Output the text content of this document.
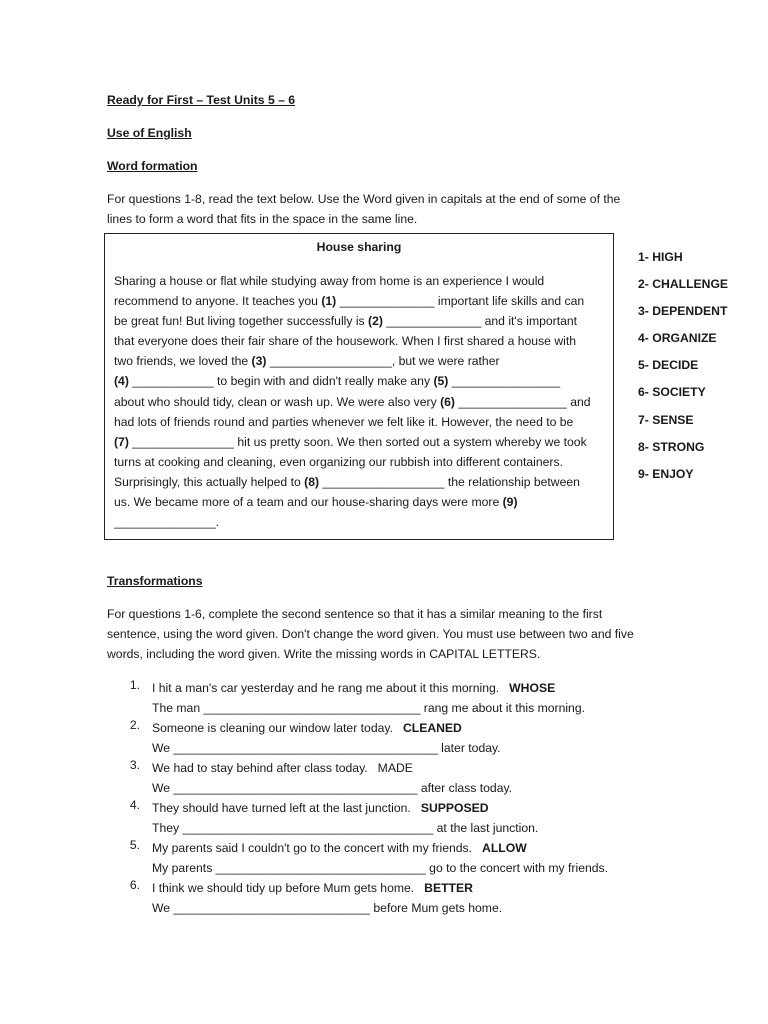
Ready for First – Test Units 5 – 6
Use of English
Word formation
For questions 1-8, read the text below. Use the Word given in capitals at the end of some of the
lines to form a word that fits in the space in the same line.
House sharing
Sharing a house or flat while studying away from home is an experience I would
recommend to anyone. It teaches you (1) ______________ important life skills and can
be great fun! But living together successfully is (2) ______________ and it's important
that everyone does their fair share of the housework. When I first shared a house with
two friends, we loved the (3) __________________, but we were rather
(4) ____________ to begin with and didn't really make any (5) ________________
about who should tidy, clean or wash up. We were also very (6) ________________ and
had lots of friends round and parties whenever we felt like it. However, the need to be
(7) _______________ hit us pretty soon. We then sorted out a system whereby we took
turns at cooking and cleaning, even organizing our rubbish into different containers.
Surprisingly, this actually helped to (8) __________________ the relationship between
us. We became more of a team and our house-sharing days were more (9)
_______________.
1- HIGH
2- CHALLENGE
3- DEPENDENT
4- ORGANIZE
5- DECIDE
6- SOCIETY
7- SENSE
8- STRONG
9- ENJOY
Transformations
For questions 1-6, complete the second sentence so that it has a similar meaning to the first
sentence, using the word given. Don't change the word given. You must use between two and five
words, including the word given. Write the missing words in CAPITAL LETTERS.
1. I hit a man's car yesterday and he rang me about it this morning. WHOSE
The man ________________________________ rang me about it this morning.
2. Someone is cleaning our window later today. CLEANED
We _______________________________________ later today.
3. We had to stay behind after class today. MADE
We ____________________________________ after class today.
4. They should have turned left at the last junction. SUPPOSED
They _____________________________________ at the last junction.
5. My parents said I couldn't go to the concert with my friends. ALLOW
My parents _______________________________ go to the concert with my friends.
6. I think we should tidy up before Mum gets home. BETTER
We _____________________________ before Mum gets home.
